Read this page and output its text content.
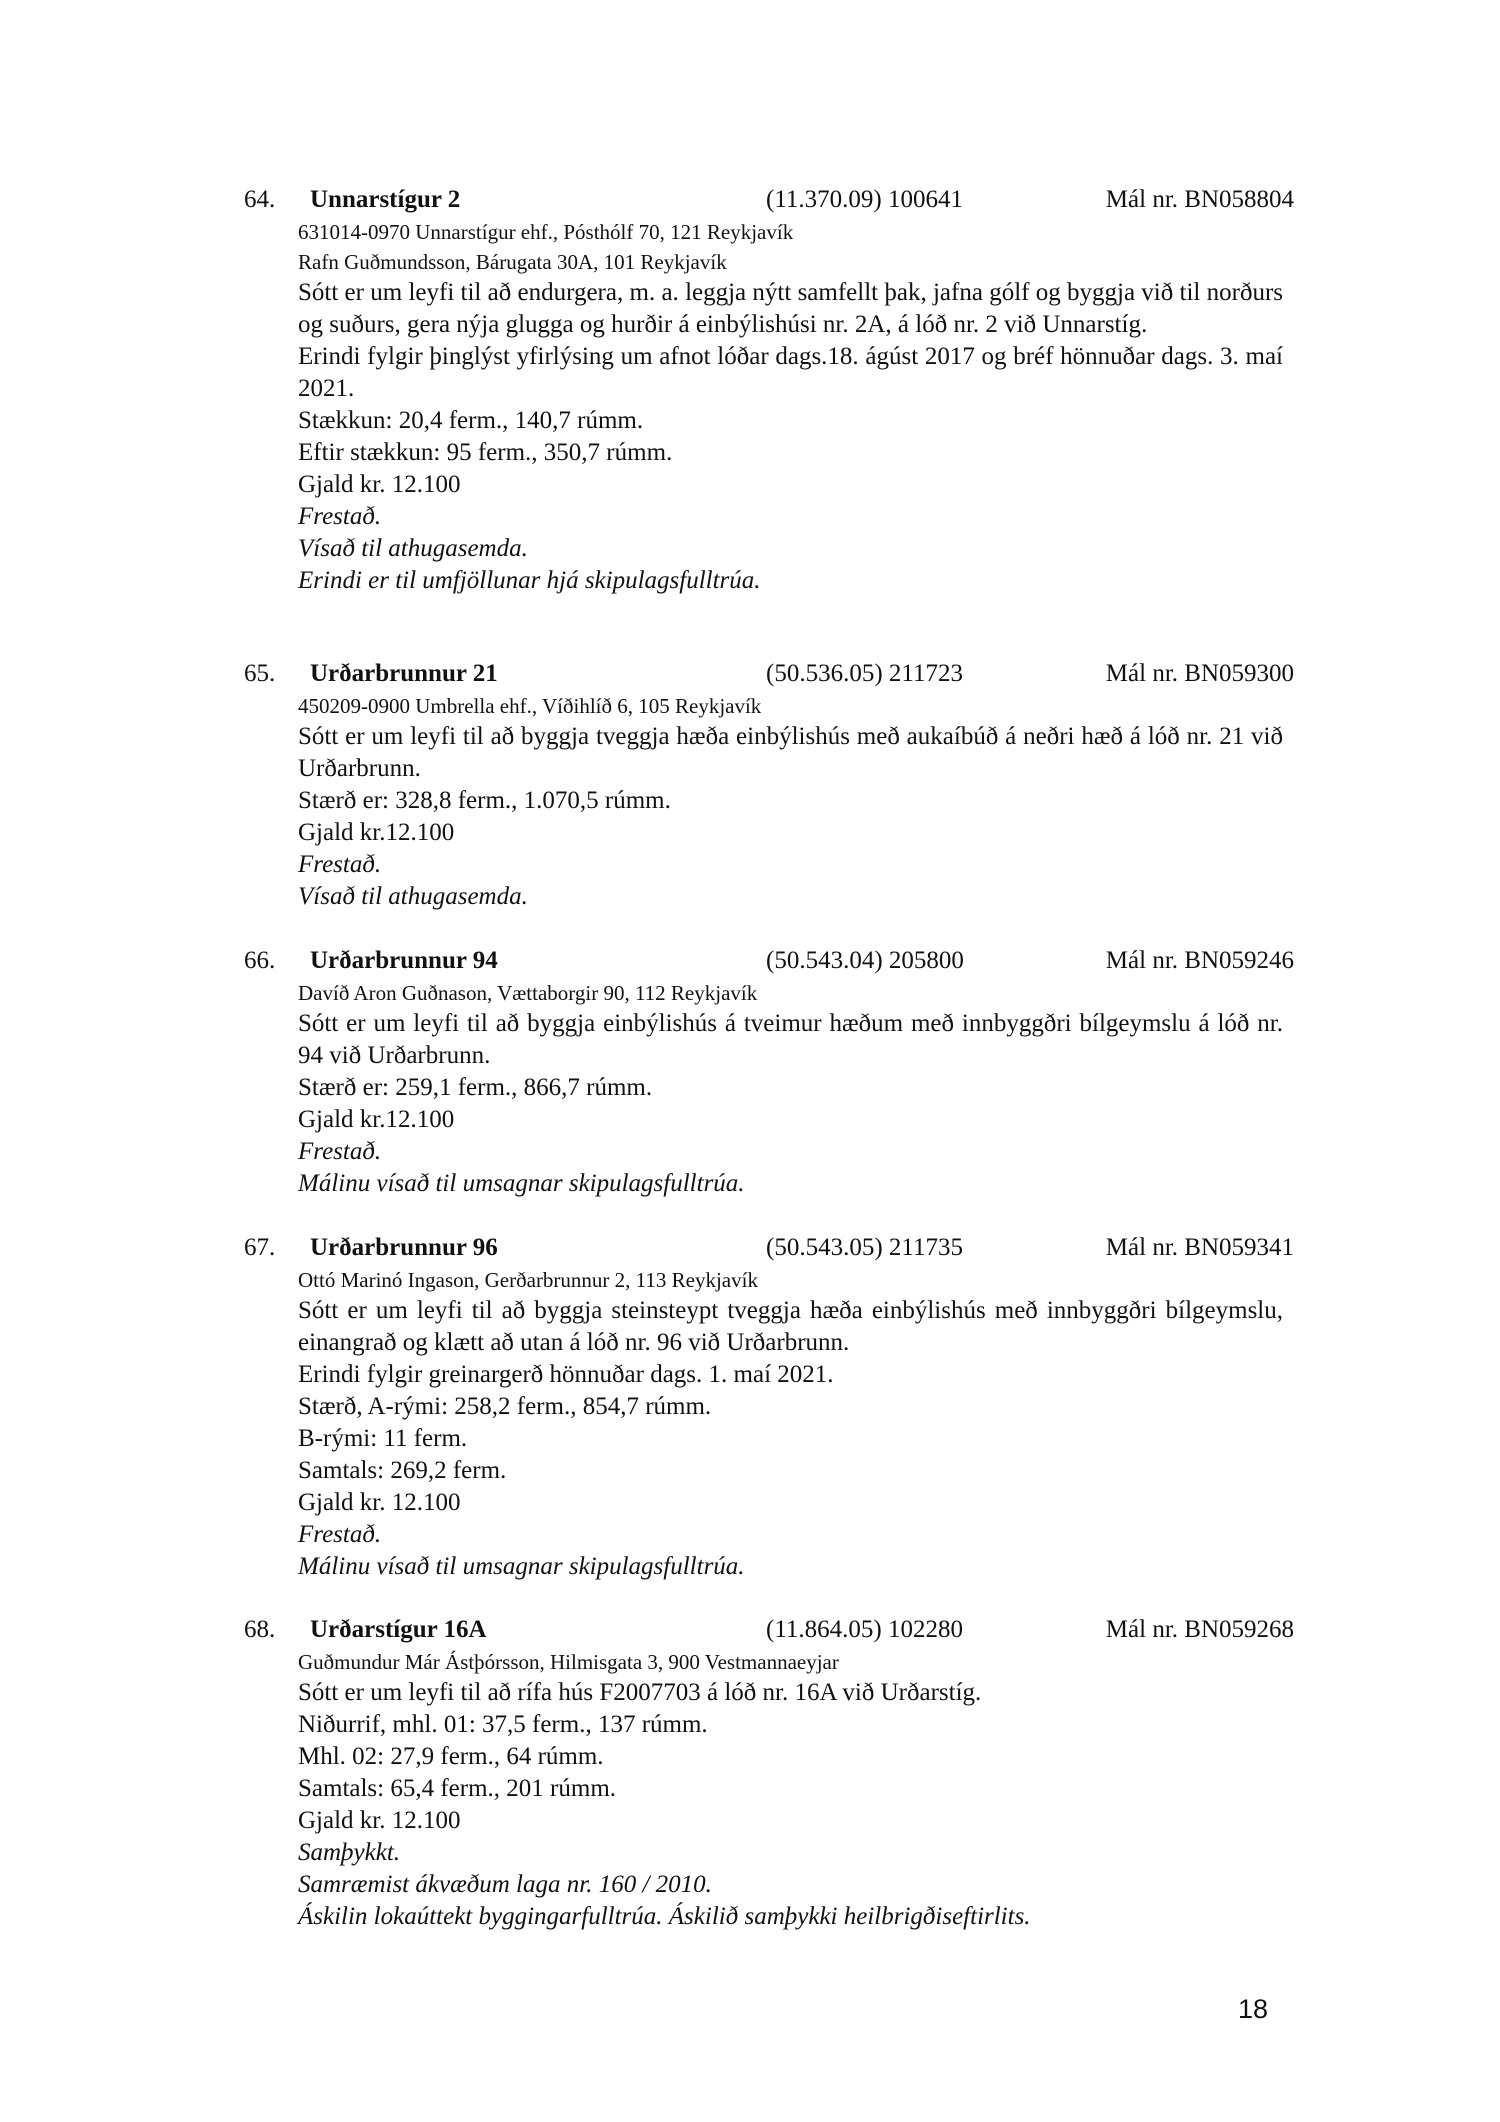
64. Unnarstígur 2	(11.370.09) 100641	Mál nr. BN058804
631014-0970 Unnarstígur ehf., Pósthólf 70, 121 Reykjavík
Rafn Guðmundsson, Bárugata 30A, 101 Reykjavík
Sótt er um leyfi til að endurgera, m. a. leggja nýtt samfellt þak, jafna gólf og byggja við til norðurs og suðurs, gera nýja glugga og hurðir á einbýlishúsi nr. 2A, á lóð nr. 2 við Unnarstíg.
Erindi fylgir þinglýst yfirlýsing um afnot lóðar dags.18. ágúst 2017 og bréf hönnuðar dags. 3. maí 2021.
Stækkun: 20,4 ferm., 140,7 rúmm.
Eftir stækkun: 95 ferm., 350,7 rúmm.
Gjald kr. 12.100
Frestað.
Vísað til athugasemda.
Erindi er til umfjöllunar hjá skipulagsfulltrúa.
65. Urðarbrunnur 21	(50.536.05) 211723	Mál nr. BN059300
450209-0900 Umbrella ehf., Víðihlíð 6, 105 Reykjavík
Sótt er um leyfi til að byggja tveggja hæða einbýlishús með aukaíbúð á neðri hæð á lóð nr. 21 við Urðarbrunn.
Stærð er: 328,8 ferm., 1.070,5 rúmm.
Gjald kr.12.100
Frestað.
Vísað til athugasemda.
66. Urðarbrunnur 94	(50.543.04) 205800	Mál nr. BN059246
Davíð Aron Guðnason, Vættaborgir 90, 112 Reykjavík
Sótt er um leyfi til að byggja einbýlishús á tveimur hæðum með innbyggðri bílgeymslu á lóð nr. 94 við Urðarbrunn.
Stærð er: 259,1 ferm., 866,7 rúmm.
Gjald kr.12.100
Frestað.
Málinu vísað til umsagnar skipulagsfulltrúa.
67. Urðarbrunnur 96	(50.543.05) 211735	Mál nr. BN059341
Ottó Marinó Ingason, Gerðarbrunnur 2, 113 Reykjavík
Sótt er um leyfi til að byggja steinsteypt tveggja hæða einbýlishús með innbyggðri bílgeymslu, einangrað og klætt að utan á lóð nr. 96 við Urðarbrunn.
Erindi fylgir greinargerð hönnuðar dags. 1. maí 2021.
Stærð, A-rými: 258,2 ferm., 854,7 rúmm.
B-rými: 11 ferm.
Samtals: 269,2 ferm.
Gjald kr. 12.100
Frestað.
Málinu vísað til umsagnar skipulagsfulltrúa.
68. Urðarstígur 16A	(11.864.05) 102280	Mál nr. BN059268
Guðmundur Már Ástþórsson, Hilmisgata 3, 900 Vestmannaeyjar
Sótt er um leyfi til að rífa hús F2007703 á lóð nr. 16A við Urðarstíg.
Niðurrif, mhl. 01: 37,5 ferm., 137 rúmm.
Mhl. 02: 27,9 ferm., 64 rúmm.
Samtals: 65,4 ferm., 201 rúmm.
Gjald kr. 12.100
Samþykkt.
Samræmist ákvæðum laga nr. 160 / 2010.
Áskilin lokaúttekt byggingarfulltrúa. Áskilið samþykki heilbrigðiseftirlits.
18
